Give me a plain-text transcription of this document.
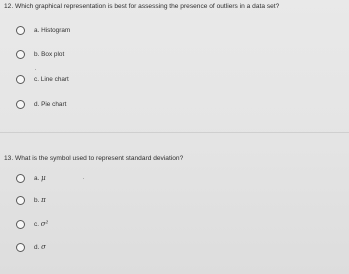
12. Which graphical representation is best for assessing the presence of outliers in a data set?
a. Histogram
b. Box plot
c. Line chart
d. Pie chart
13. What is the symbol used to represent standard deviation?
a. μ
b. π
c. σ²
d. σ
